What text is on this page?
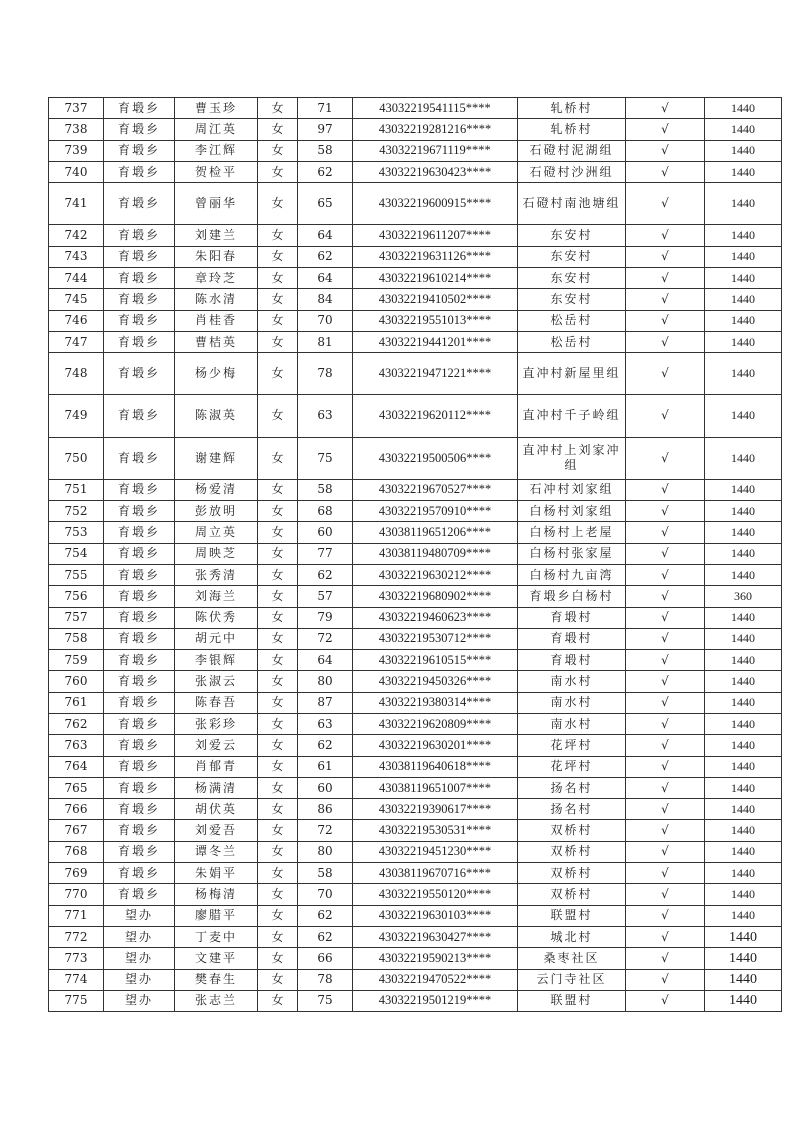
737	育塅乡	曹玉珍	女	71	43032219541115****	轧桥村	√	1440
738	育塅乡	周江英	女	97	43032219281216****	轧桥村	√	1440
739	育塅乡	李江辉	女	58	43032219671119****	石磴村泥湖组	√	1440
740	育塅乡	贺检平	女	62	43032219630423****	石磴村沙洲组	√	1440
741	育塅乡	曾丽华	女	65	43032219600915****	石磴村南池塘组	√	1440
742	育塅乡	刘建兰	女	64	43032219611207****	东安村	√	1440
743	育塅乡	朱阳春	女	62	43032219631126****	东安村	√	1440
744	育塅乡	章玲芝	女	64	43032219610214****	东安村	√	1440
745	育塅乡	陈水清	女	84	43032219410502****	东安村	√	1440
746	育塅乡	肖桂香	女	70	43032219551013****	松岳村	√	1440
747	育塅乡	曹桔英	女	81	43032219441201****	松岳村	√	1440
748	育塅乡	杨少梅	女	78	43032219471221****	直冲村新屋里组	√	1440
749	育塅乡	陈淑英	女	63	43032219620112****	直冲村千子岭组	√	1440
750	育塅乡	谢建辉	女	75	43032219500506****	直冲村上刘家冲组	√	1440
751	育塅乡	杨爱清	女	58	43032219670527****	石冲村刘家组	√	1440
752	育塅乡	彭放明	女	68	43032219570910****	白杨村刘家组	√	1440
753	育塅乡	周立英	女	60	43038119651206****	白杨村上老屋	√	1440
754	育塅乡	周映芝	女	77	43038119480709****	白杨村张家屋	√	1440
755	育塅乡	张秀清	女	62	43032219630212****	白杨村九亩湾	√	1440
756	育塅乡	刘海兰	女	57	43032219680902****	育塅乡白杨村	√	360
757	育塅乡	陈伏秀	女	79	43032219460623****	育塅村	√	1440
758	育塅乡	胡元中	女	72	43032219530712****	育塅村	√	1440
759	育塅乡	李银辉	女	64	43032219610515****	育塅村	√	1440
760	育塅乡	张淑云	女	80	43032219450326****	南水村	√	1440
761	育塅乡	陈春吾	女	87	43032219380314****	南水村	√	1440
762	育塅乡	张彩珍	女	63	43032219620809****	南水村	√	1440
763	育塅乡	刘爱云	女	62	43032219630201****	花坪村	√	1440
764	育塅乡	肖郁青	女	61	43038119640618****	花坪村	√	1440
765	育塅乡	杨满清	女	60	43038119651007****	扬名村	√	1440
766	育塅乡	胡伏英	女	86	43032219390617****	扬名村	√	1440
767	育塅乡	刘爱吾	女	72	43032219530531****	双桥村	√	1440
768	育塅乡	谭冬兰	女	80	43032219451230****	双桥村	√	1440
769	育塅乡	朱娟平	女	58	43038119670716****	双桥村	√	1440
770	育塅乡	杨梅清	女	70	43032219550120****	双桥村	√	1440
771	望办	廖腊平	女	62	43032219630103****	联盟村	√	1440
772	望办	丁麦中	女	62	43032219630427****	城北村	√	1440
773	望办	文建平	女	66	43032219590213****	桑枣社区	√	1440
774	望办	樊春生	女	78	43032219470522****	云门寺社区	√	1440
775	望办	张志兰	女	75	43032219501219****	联盟村	√	1440
